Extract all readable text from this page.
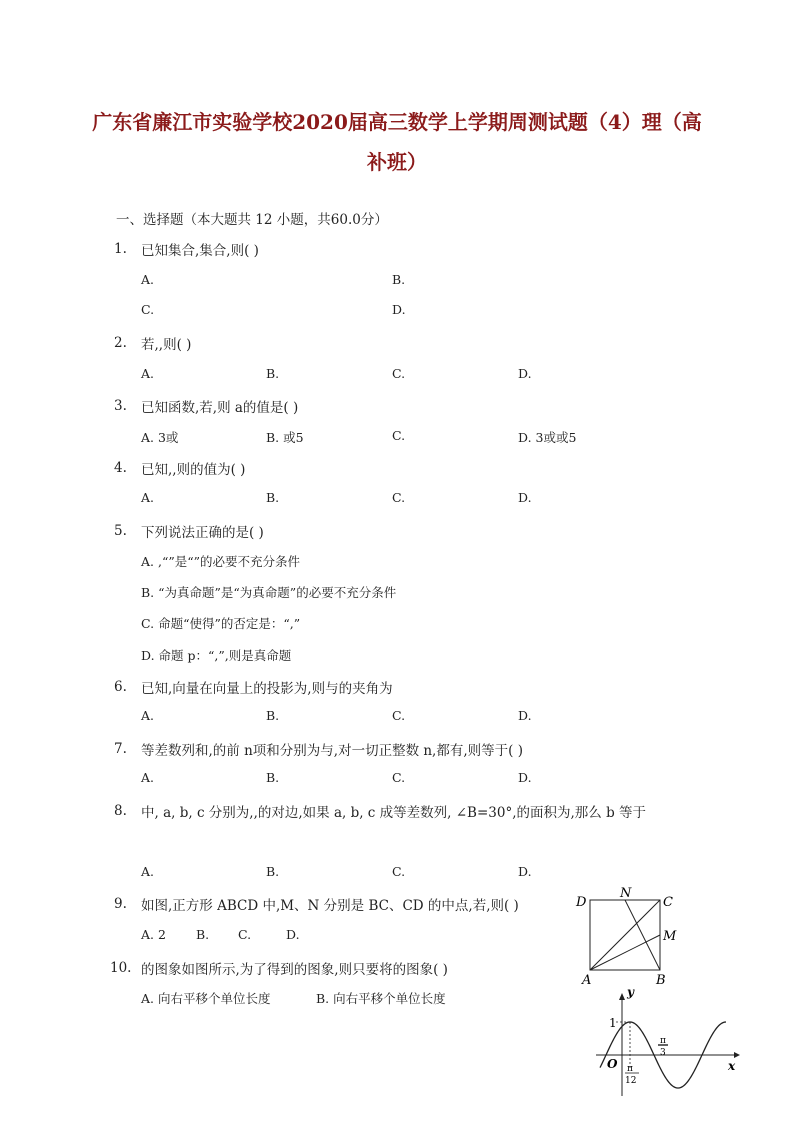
广东省廉江市实验学校2020届高三数学上学期周测试题（4）理（高
补班）
一、选择题（本大题共 12 小题，共60.0分）
1. 已知集合,集合,则( )
A.	B.
C.	D.
2. 若,,则( )
A.	B.	C.	D.
3. 已知函数,若,则 a的值是( )
A. 3或	B. 或5	C.	D. 3或或5
4. 已知,,则的值为( )
A.	B.	C.	D.
5. 下列说法正确的是( )
A. ,“”是“”的必要不充分条件
B. “为真命题”是“为真命题”的必要不充分条件
C. 命题“使得”的否定是：“,”
D. 命题 p：“,”,则是真命题
6. 已知,向量在向量上的投影为,则与的夹角为
A.	B.	C.	D.
7. 等差数列和,的前 n项和分别为与,对一切正整数 n,都有,则等于( )
A.	B.	C.	D.
8. 中, a, b, c 分别为,,的对边,如果 a, b, c 成等差数列, ∠B=30°,的面积为,那么 b 等于
A.	B.	C.	D.
9. 如图,正方形 ABCD 中,M、N 分别是 BC、CD 的中点,若,则( )
A. 2 B. C.	D.
10. 的图象如图所示,为了得到的图象,则只要将的图象( )
A. 向右平移个单位长度	B. 向右平移个单位长度
D
N
C
M
A	B
y
x
O
1
π
12
π
3
